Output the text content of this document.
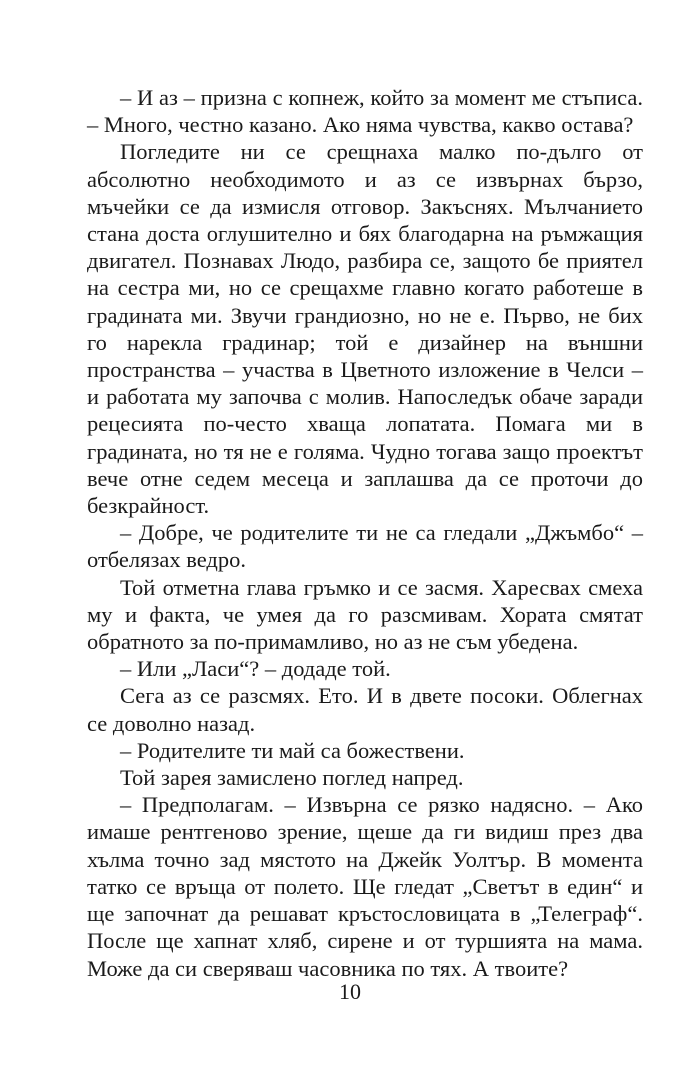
– И аз – призна с копнеж, който за момент ме стъписа. – Много, честно казано. Ако няма чувства, какво остава?

Погледите ни се срещнаха малко по-дълго от абсолютно необходимото и аз се извърнах бързо, мъчейки се да измисля отговор. Закъснях. Мълчанието стана доста оглушително и бях благодарна на ръмжащия двигател. Познавах Людо, разбира се, защото бе приятел на сестра ми, но се срещахме главно когато работеше в градината ми. Звучи грандиозно, но не е. Първо, не бих го нарекла градинар; той е дизайнер на външни пространства – участва в Цветното изложение в Челси – и работата му започва с молив. Напоследък обаче заради рецесията по-често хваща лопатата. Помага ми в градината, но тя не е голяма. Чудно тогава защо проектът вече отне седем месеца и заплашва да се проточи до безкрайност.

– Добре, че родителите ти не са гледали „Джъмбо“ – отбелязах ведро.

Той отметна глава гръмко и се засмя. Харесвах смеха му и факта, че умея да го разсмивам. Хората смятат обратното за по-примамливо, но аз не съм убедена.

– Или „Ласи“? – додаде той.

Сега аз се разсмях. Ето. И в двете посоки. Облегнах се доволно назад.

– Родителите ти май са божествени.

Той зарея замислено поглед напред.

– Предполагам. – Извърна се рязко надясно. – Ако имаше рентгеново зрение, щеше да ги видиш през два хълма точно зад мястото на Джейк Уолтър. В момента татко се връща от полето. Ще гледат „Светът в един“ и ще започнат да решават кръстословицата в „Телеграф“. После ще хапнат хляб, сирене и от туршията на мама. Може да си сверяваш часовника по тях. А твоите?

10
